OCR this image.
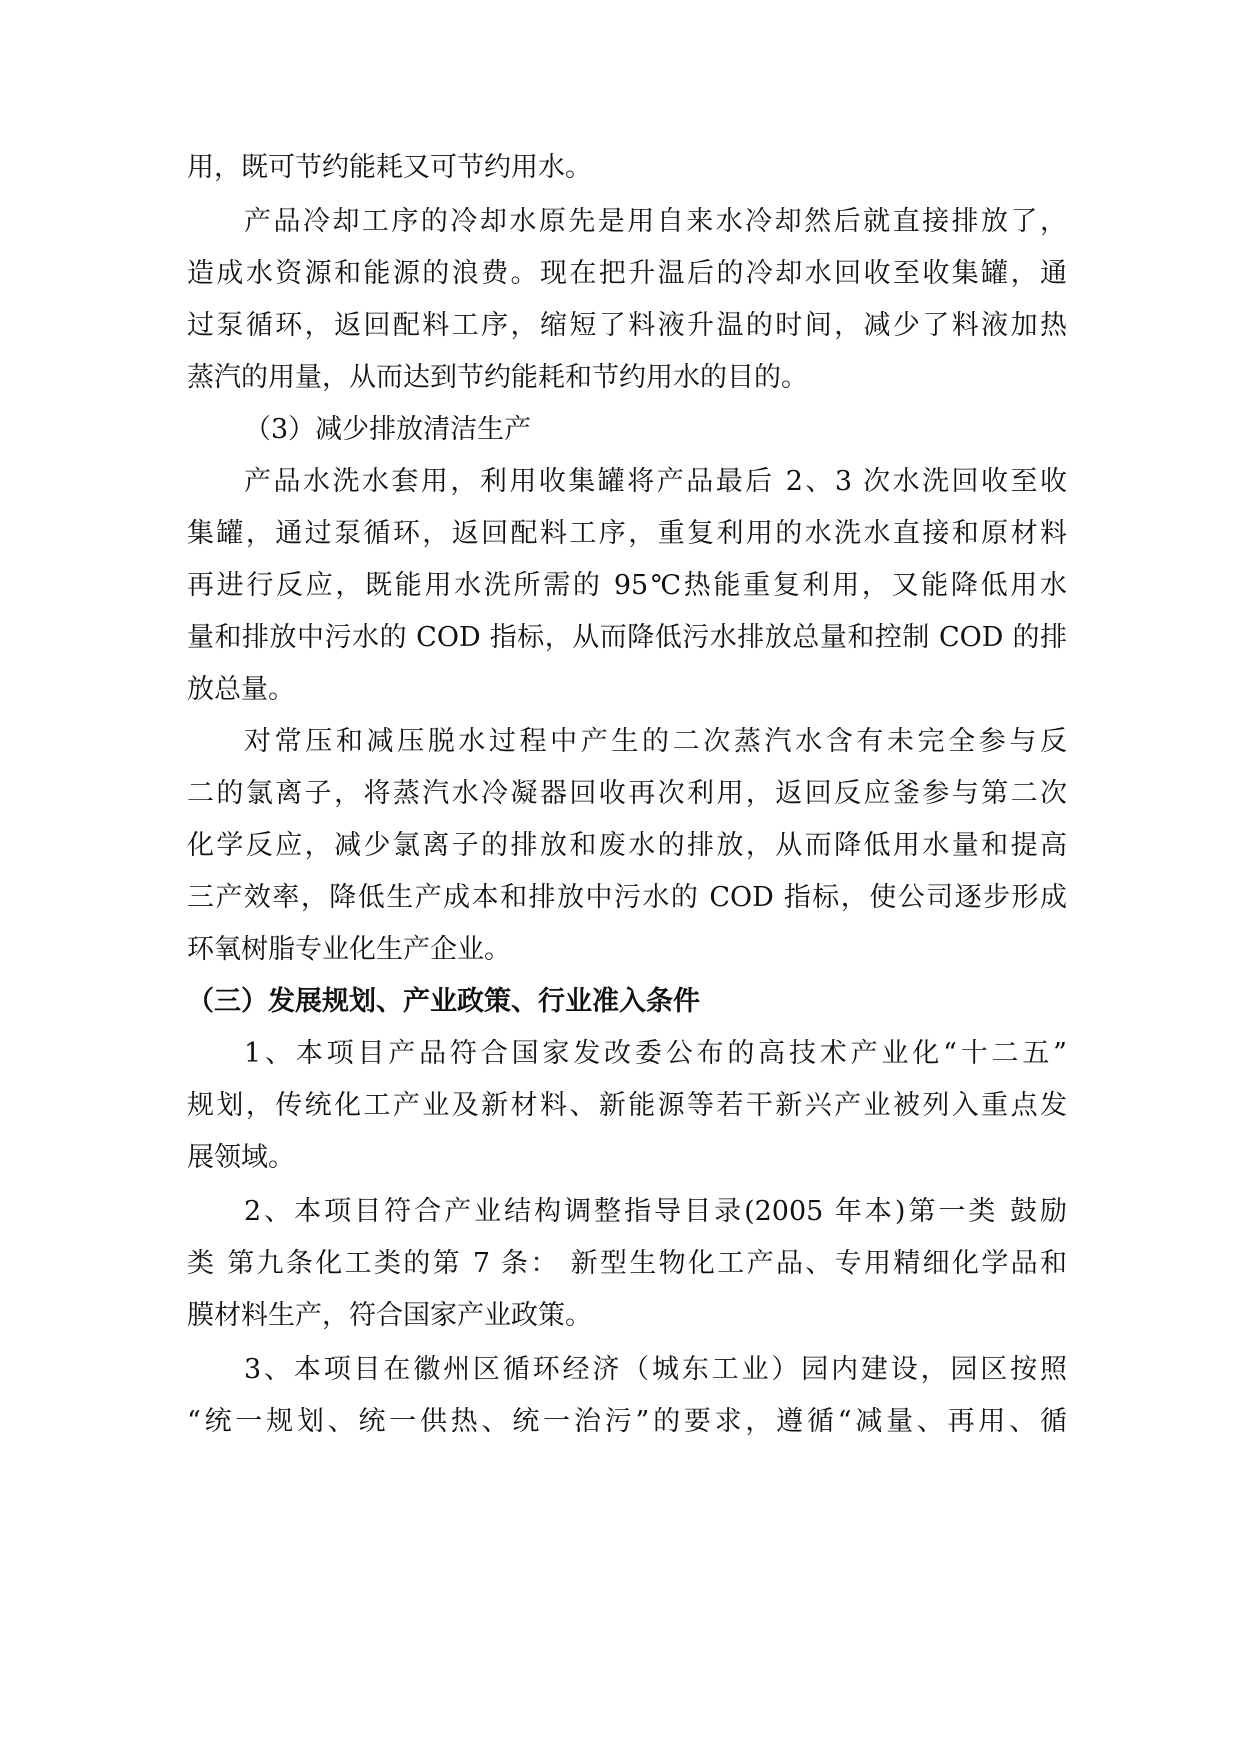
用，既可节约能耗又可节约用水。
产品冷却工序的冷却水原先是用自来水冷却然后就直接排放了，
造成水资源和能源的浪费。现在把升温后的冷却水回收至收集罐，通
过泵循环，返回配料工序，缩短了料液升温的时间，减少了料液加热
蒸汽的用量，从而达到节约能耗和节约用水的目的。
（3）减少排放清洁生产
产品水洗水套用，利用收集罐将产品最后 2、3 次水洗回收至收
集罐，通过泵循环，返回配料工序，重复利用的水洗水直接和原材料
再进行反应，既能用水洗所需的 95℃热能重复利用，又能降低用水
量和排放中污水的 COD 指标，从而降低污水排放总量和控制 COD 的排
放总量。
对常压和减压脱水过程中产生的二次蒸汽水含有未完全参与反
二的氯离子，将蒸汽水冷凝器回收再次利用，返回反应釜参与第二次
化学反应，减少氯离子的排放和废水的排放，从而降低用水量和提高
三产效率，降低生产成本和排放中污水的 COD 指标，使公司逐步形成
环氧树脂专业化生产企业。
（三）发展规划、产业政策、行业准入条件
1、本项目产品符合国家发改委公布的高技术产业化“十二五”
规划，传统化工产业及新材料、新能源等若干新兴产业被列入重点发
展领域。
2、本项目符合产业结构调整指导目录(2005 年本)第一类 鼓励
类 第九条化工类的第 7 条： 新型生物化工产品、专用精细化学品和
膜材料生产，符合国家产业政策。
3、本项目在徽州区循环经济（城东工业）园内建设，园区按照
“统一规划、统一供热、统一治污”的要求，遵循“减量、再用、循
